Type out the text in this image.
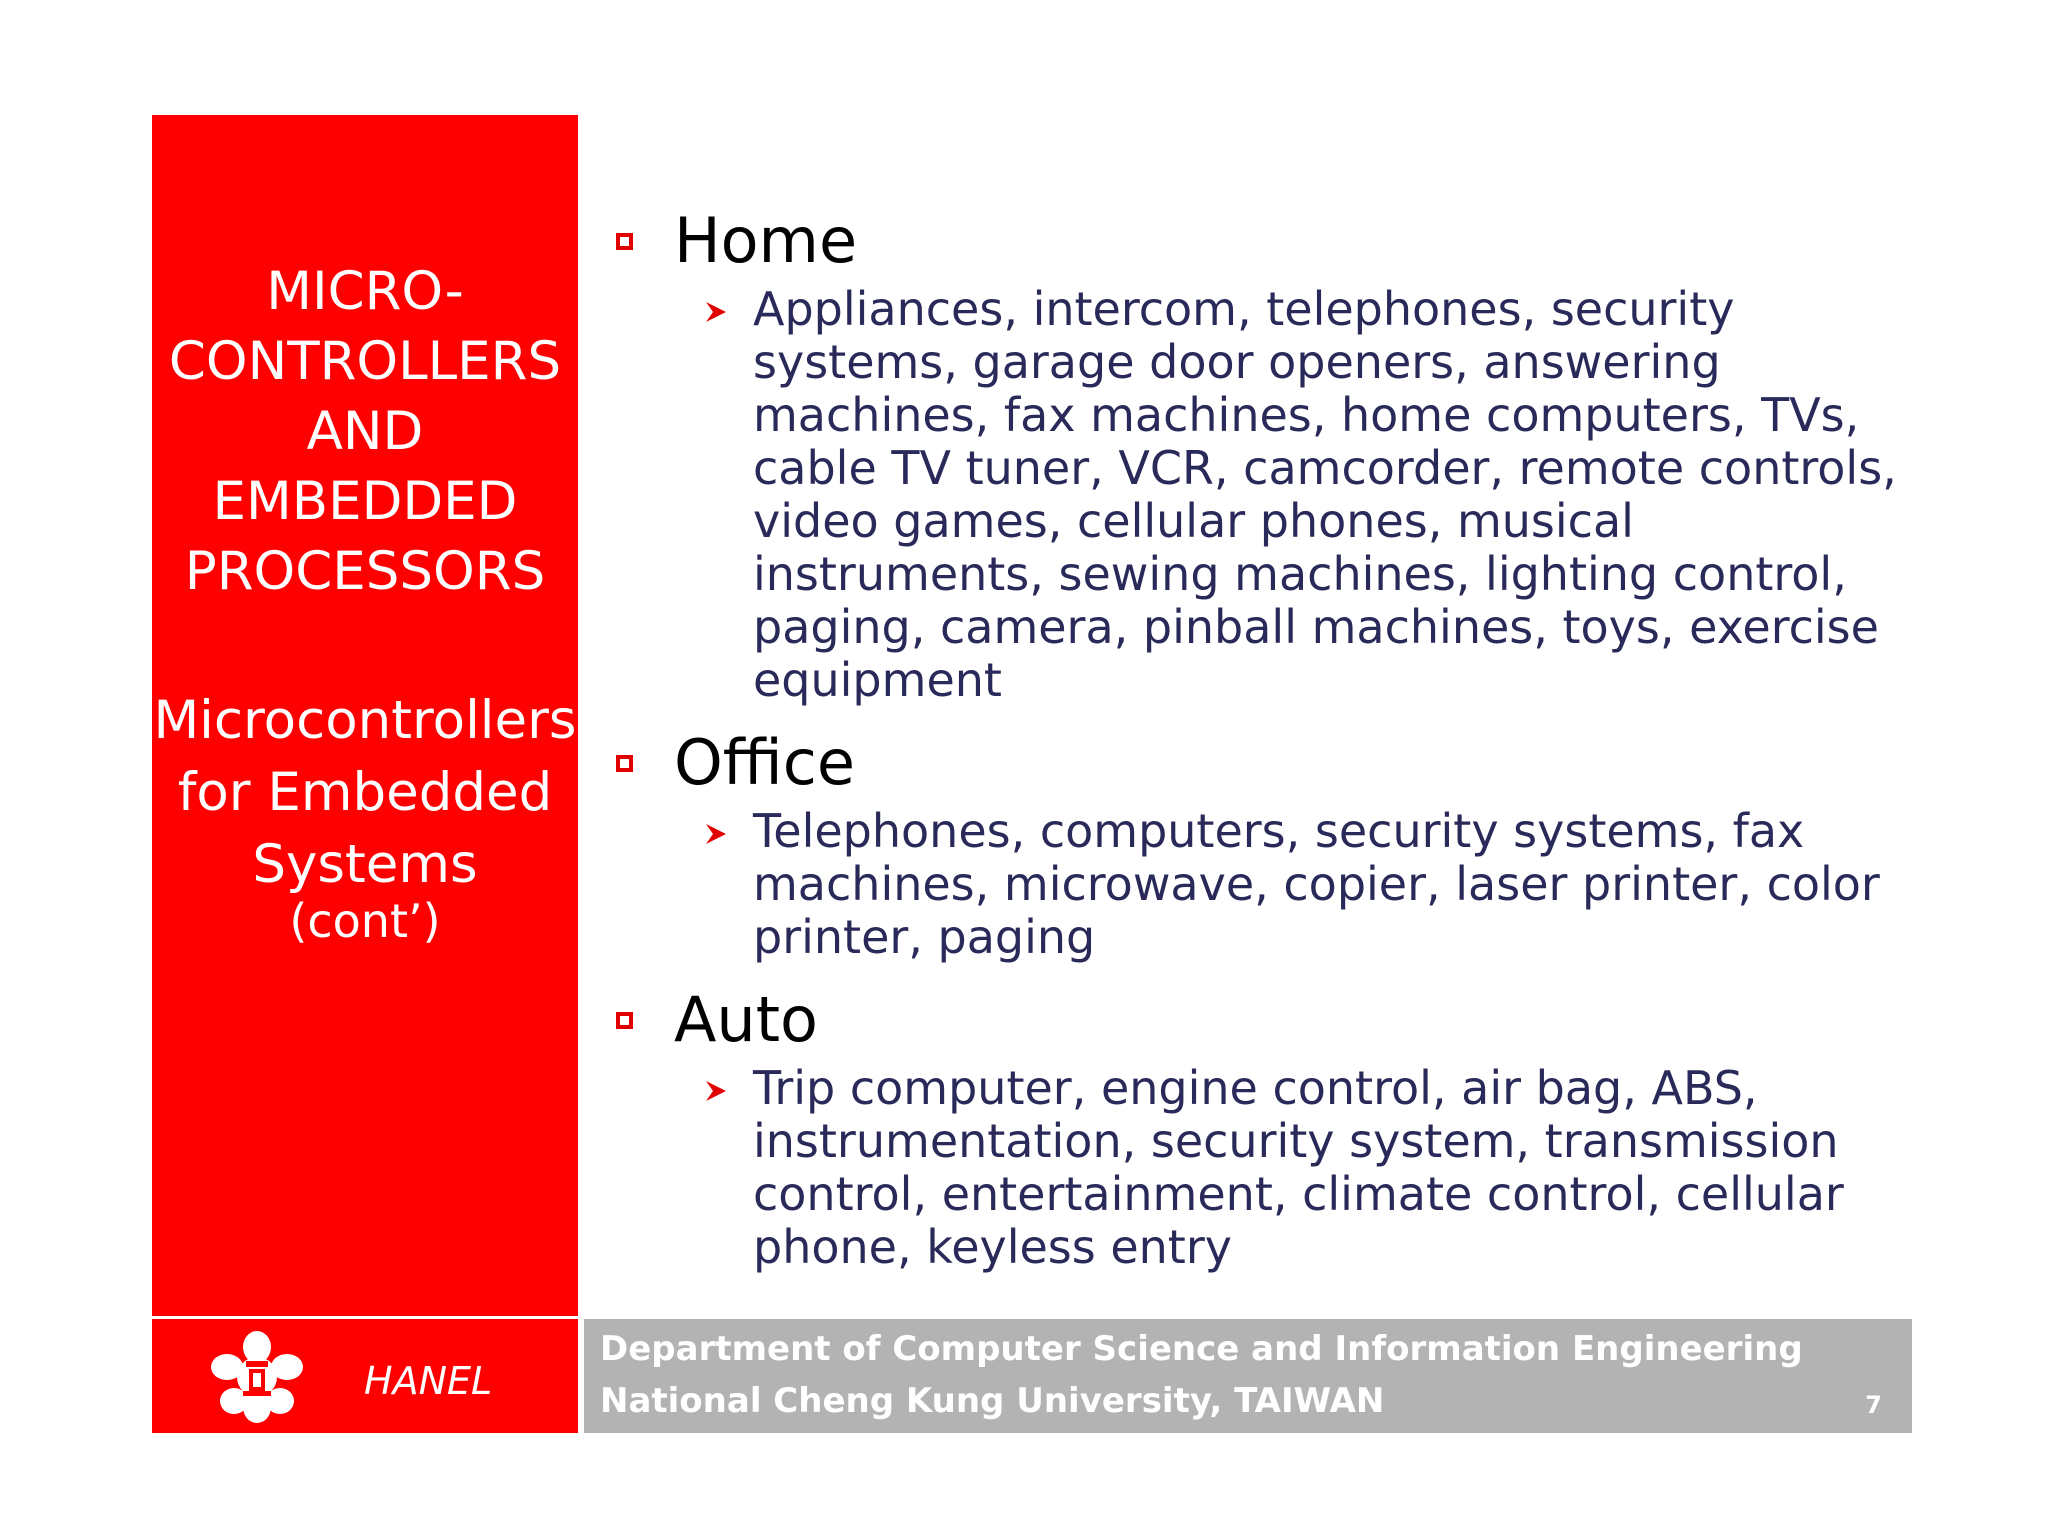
MICRO-
CONTROLLERS
AND
EMBEDDED
PROCESSORS
Microcontrollers
for Embedded
Systems
(cont’)
Home
Appliances, intercom, telephones, security systems, garage door openers, answering machines, fax machines, home computers, TVs, cable TV tuner, VCR, camcorder, remote controls, video games, cellular phones, musical instruments, sewing machines, lighting control, paging, camera, pinball machines, toys, exercise equipment
Office
Telephones, computers, security systems, fax machines, microwave, copier, laser printer, color printer, paging
Auto
Trip computer, engine control, air bag, ABS, instrumentation, security system, transmission control, entertainment, climate control, cellular phone, keyless entry
HANEL
Department of Computer Science and Information Engineering
National Cheng Kung University, TAIWAN	7
